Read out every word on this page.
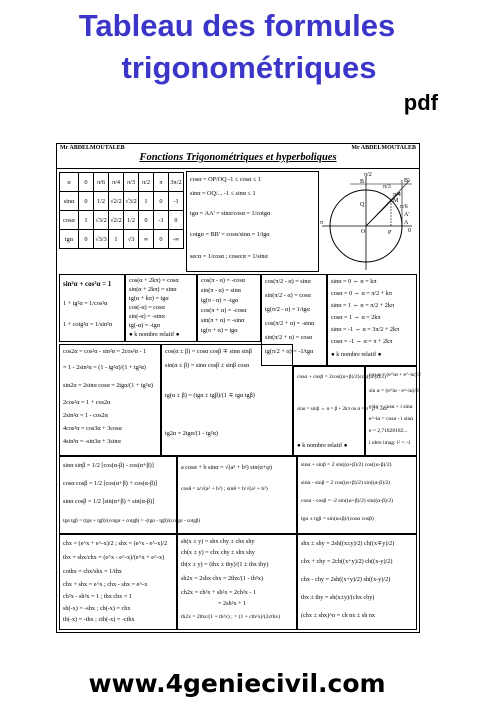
Tableau des formules
trigonométriques
pdf
Mr ABDELMOUTALEB
Fonctions Trigonométriques et hyperboliques
Mr ABDELMOUTALEB
α	0	π/6	π/4	π/3	π/2	π	3π/2
sinα	0	1/2	√2/2	√3/2	1	0	-1
cosα	1	√3/2	√2/2	1/2	0	-1	0
tgα	0	√3/3	1	√3	∞	0	-∞
cosα = OP/OQ -1 ≤ cosα ≤ 1
sinα = OQ/... -1 ≤ sinα ≤ 1
tgα = AA' = sinα/cosα = 1/cotgα
cotgα = BB' = cosα/sinα = 1/tgα
secα = 1/cosα ; cosecα = 1/sinα
π/2
π/3
π/4
π/6
0
π
B	B'
A
A'
Q
P
M
O
sin²α + cos²α = 1
1 + tg²α = 1/cos²α
1 + cotg²α = 1/sin²α
cos(α + 2kπ) = cosα
sin(α + 2kπ) = sinα
tg(α + kπ) = tgα
cos(-α) = cosα
sin(-α) = -sinα
tg(-α) = -tgα
● k nombre relatif ●
cos(π - α) = -cosα
sin(π - α) = sinα
tg(π - α) = -tgα
cos(π + α) = -cosα
sin(π + α) = -sinα
tg(π + α) = tgα
cos(π/2 - α) = sinα
sin(π/2 - α) = cosα
tg(π/2 - α) = 1/tgα
cos(π/2 + α) = -sinα
sin(π/2 + α) = cosα
tg(π/2 + α) = -1/tgα
sinα = 0 ⇔ α = kπ
cosα = 0 ⇔ α = π/2 + kπ
sinα = 1 ⇔ α = π/2 + 2kπ
cosα = 1 ⇔ α = 2kπ
sinα = -1 ⇔ α = 3π/2 + 2kπ
cosα = -1 ⇔ α = π + 2kπ
● k nombre relatif ●
cos2α = cos²α - sin²α = 2cos²α - 1
= 1 - 2sin²α = (1 - tg²α)/(1 + tg²α)
sin2α = 2sinα cosα = 2tgα/(1 + tg²α)
2cos²α = 1 + cos2α
2sin²α = 1 - cos2α
4cos³α = cos3α + 3cosα
4sin³α = -sin3α + 3sinα
cos(α ± β) = cosα cosβ ∓ sinα sinβ
sin(α ± β) = sinα cosβ ± sinβ cosα
tg(α ± β) = (tgα ± tgβ)/(1 ∓ tgα tgβ)
tg2α = 2tgα/(1 - tg²α)
cosα + cosβ = 2cos((α+β)/2)cos((α-β)/2)
sinα = sinβ ⇔ α = β + 2kπ ou α = π - β + 2kπ
● k nombre relatif ●
cos α = (e^iα + e^-iα)/2
sin α = (e^iα - e^-iα)/2i
e^iα = cosα + i sinα
e^-iα = cosα - i sinα
e = 2,71828182...
i nbre imag: i² = -1
sinα sinβ = 1/2 [cos(α-β) - cos(α+β)]
cosα cosβ = 1/2 [cos(α+β) + cos(α-β)]
sinα cosβ = 1/2 [sin(α+β) + sin(α-β)]
tgα tgβ = (tgα + tgβ)/(cotgα + cotgβ) = -(tgα - tgβ)/(cotgα - cotgβ)
a cosα + b sinα = √(a² + b²) sin(α+φ)
cosθ = a/√(a² + b²) ; sinθ = b/√(a² + b²)
sinα + sinβ = 2 sin((α+β)/2) cos((α-β)/2)
sinα - sinβ = 2 cos((α+β)/2) sin((α-β)/2)
cosα - cosβ = -2 sin((α+β)/2) sin((α-β)/2)
tgα ± tgβ = sin(α±β)/(cosα cosβ)
chx = (e^x + e^-x)/2 ; shx = (e^x - e^-x)/2
thx = shx/chx = (e^x - e^-x)/(e^x + e^-x)
cothx = chx/shx = 1/thx
chx + shx = e^x ; chx - shx = e^-x
ch²x - sh²x = 1 ; thx chx = 1
sh(-x) = -shx ; ch(-x) = chx
th(-x) = -thx ; cth(-x) = -cthx
sh(x ± y) = shx chy ± chx shy
ch(x ± y) = chx chy ± shx shy
th(x ± y) = (thx ± thy)/(1 ± thx thy)
sh2x = 2shx chx = 2thx/(1 - th²x)
ch2x = ch²x + sh²x = 2ch²x - 1
= 2sh²x + 1
th2x = 2thx/(1 + th²x) ; = (1 + cth²x)/(2cthx)
shx ± shy = 2sh((x±y)/2) ch((x∓y)/2)
chx + chy = 2ch((x+y)/2) ch((x-y)/2)
chx - chy = 2sh((x+y)/2) sh((x-y)/2)
thx ± thy = sh(x±y)/(chx chy)
(chx ± shx)^n = ch nx ± sh nx
www.4geniecivil.com
